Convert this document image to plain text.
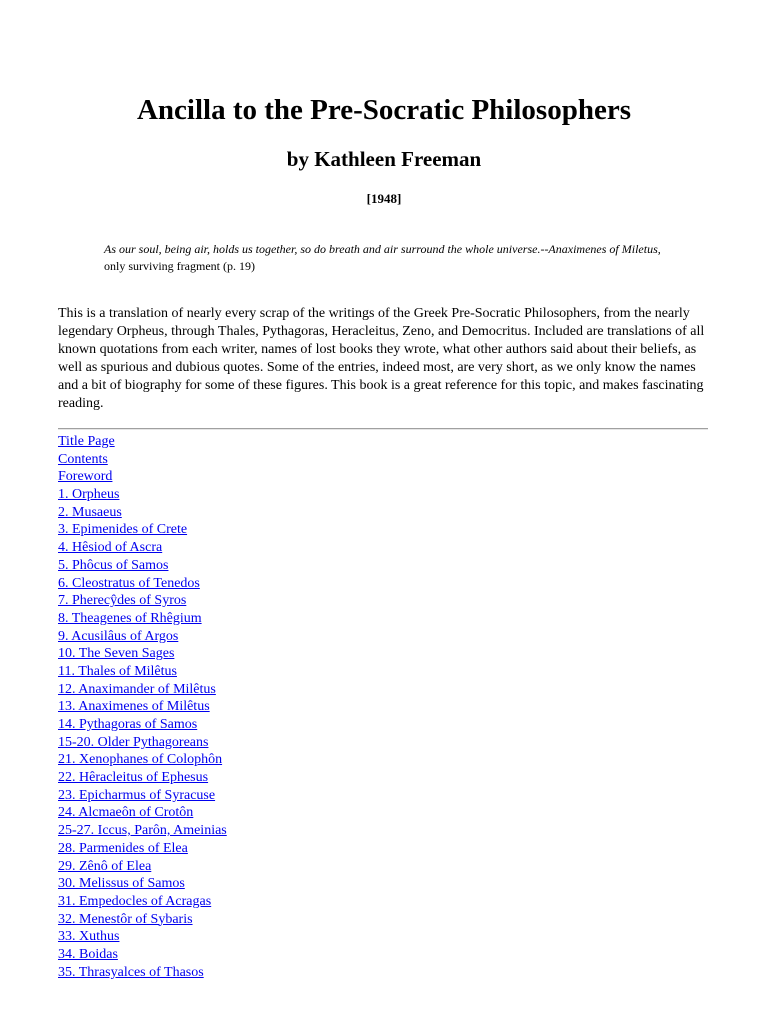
Ancilla to the Pre-Socratic Philosophers
by Kathleen Freeman
[1948]
As our soul, being air, holds us together, so do breath and air surround the whole universe.--Anaximenes of Miletus,
only surviving fragment (p. 19)

This is a translation of nearly every scrap of the writings of the Greek Pre-Socratic Philosophers, from the nearly legendary Orpheus, through Thales, Pythagoras, Heracleitus, Zeno, and Democritus. Included are translations of all known quotations from each writer, names of lost books they wrote, what other authors said about their beliefs, as well as spurious and dubious quotes. Some of the entries, indeed most, are very short, as we only know the names and a bit of biography for some of these figures. This book is a great reference for this topic, and makes fascinating reading.

Title Page
Contents
Foreword
1. Orpheus
2. Musaeus
3. Epimenides of Crete
4. Hêsiod of Ascra
5. Phôcus of Samos
6. Cleostratus of Tenedos
7. Pherecŷdes of Syros
8. Theagenes of Rhêgium
9. Acusilâus of Argos
10. The Seven Sages
11. Thales of Milêtus
12. Anaximander of Milêtus
13. Anaximenes of Milêtus
14. Pythagoras of Samos
15-20. Older Pythagoreans
21. Xenophanes of Colophôn
22. Hêracleitus of Ephesus
23. Epicharmus of Syracuse
24. Alcmaeôn of Crotôn
25-27. Iccus, Parôn, Ameinias
28. Parmenides of Elea
29. Zênô of Elea
30. Melissus of Samos
31. Empedocles of Acragas
32. Menestôr of Sybaris
33. Xuthus
34. Boidas
35. Thrasyalces of Thasos
